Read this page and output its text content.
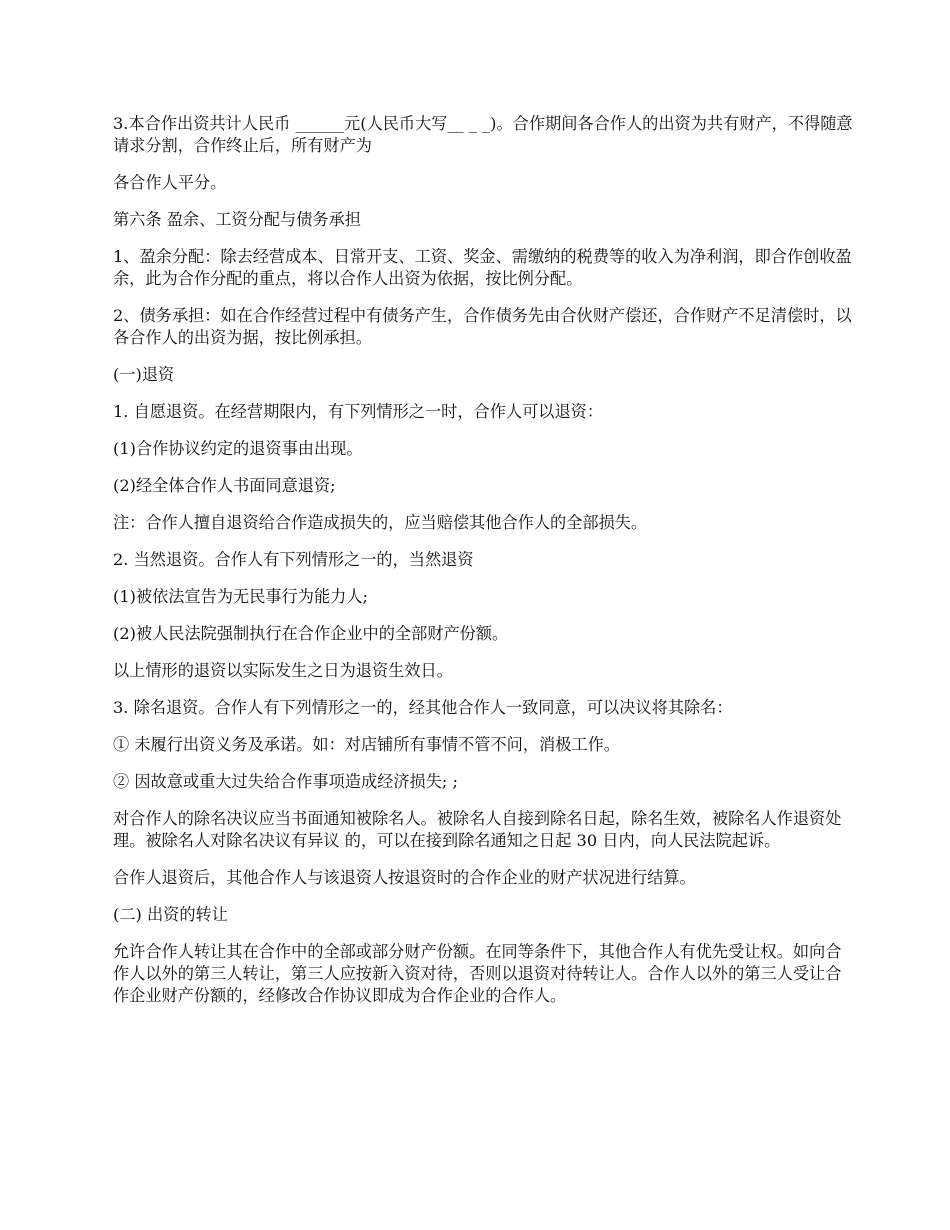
3.本合作出资共计人民币 ______元(人民币大写__ _ _)。合作期间各合作人的出资为共有财产，不得随意请求分割，合作终止后，所有财产为

各合作人平分。

第六条 盈余、工资分配与债务承担

1、盈余分配：除去经营成本、日常开支、工资、奖金、需缴纳的税费等的收入为净利润，即合作创收盈余，此为合作分配的重点，将以合作人出资为依据，按比例分配。

2、债务承担：如在合作经营过程中有债务产生，合作债务先由合伙财产偿还，合作财产不足清偿时，以各合作人的出资为据，按比例承担。

(一)退资

1. 自愿退资。在经营期限内，有下列情形之一时，合作人可以退资：

(1)合作协议约定的退资事由出现。

(2)经全体合作人书面同意退资;

注：合作人擅自退资给合作造成损失的，应当赔偿其他合作人的全部损失。

2. 当然退资。合作人有下列情形之一的，当然退资

(1)被依法宣告为无民事行为能力人;

(2)被人民法院强制执行在合作企业中的全部财产份额。

以上情形的退资以实际发生之日为退资生效日。

3. 除名退资。合作人有下列情形之一的，经其他合作人一致同意，可以决议将其除名：

① 未履行出资义务及承诺。如：对店铺所有事情不管不问，消极工作。

② 因故意或重大过失给合作事项造成经济损失; ;

对合作人的除名决议应当书面通知被除名人。被除名人自接到除名日起，除名生效，被除名人作退资处理。被除名人对除名决议有异议 的，可以在接到除名通知之日起 30 日内，向人民法院起诉。

合作人退资后，其他合作人与该退资人按退资时的合作企业的财产状况进行结算。

(二) 出资的转让

允许合作人转让其在合作中的全部或部分财产份额。在同等条件下，其他合作人有优先受让权。如向合作人以外的第三人转让，第三人应按新入资对待，否则以退资对待转让人。合作人以外的第三人受让合作企业财产份额的，经修改合作协议即成为合作企业的合作人。
